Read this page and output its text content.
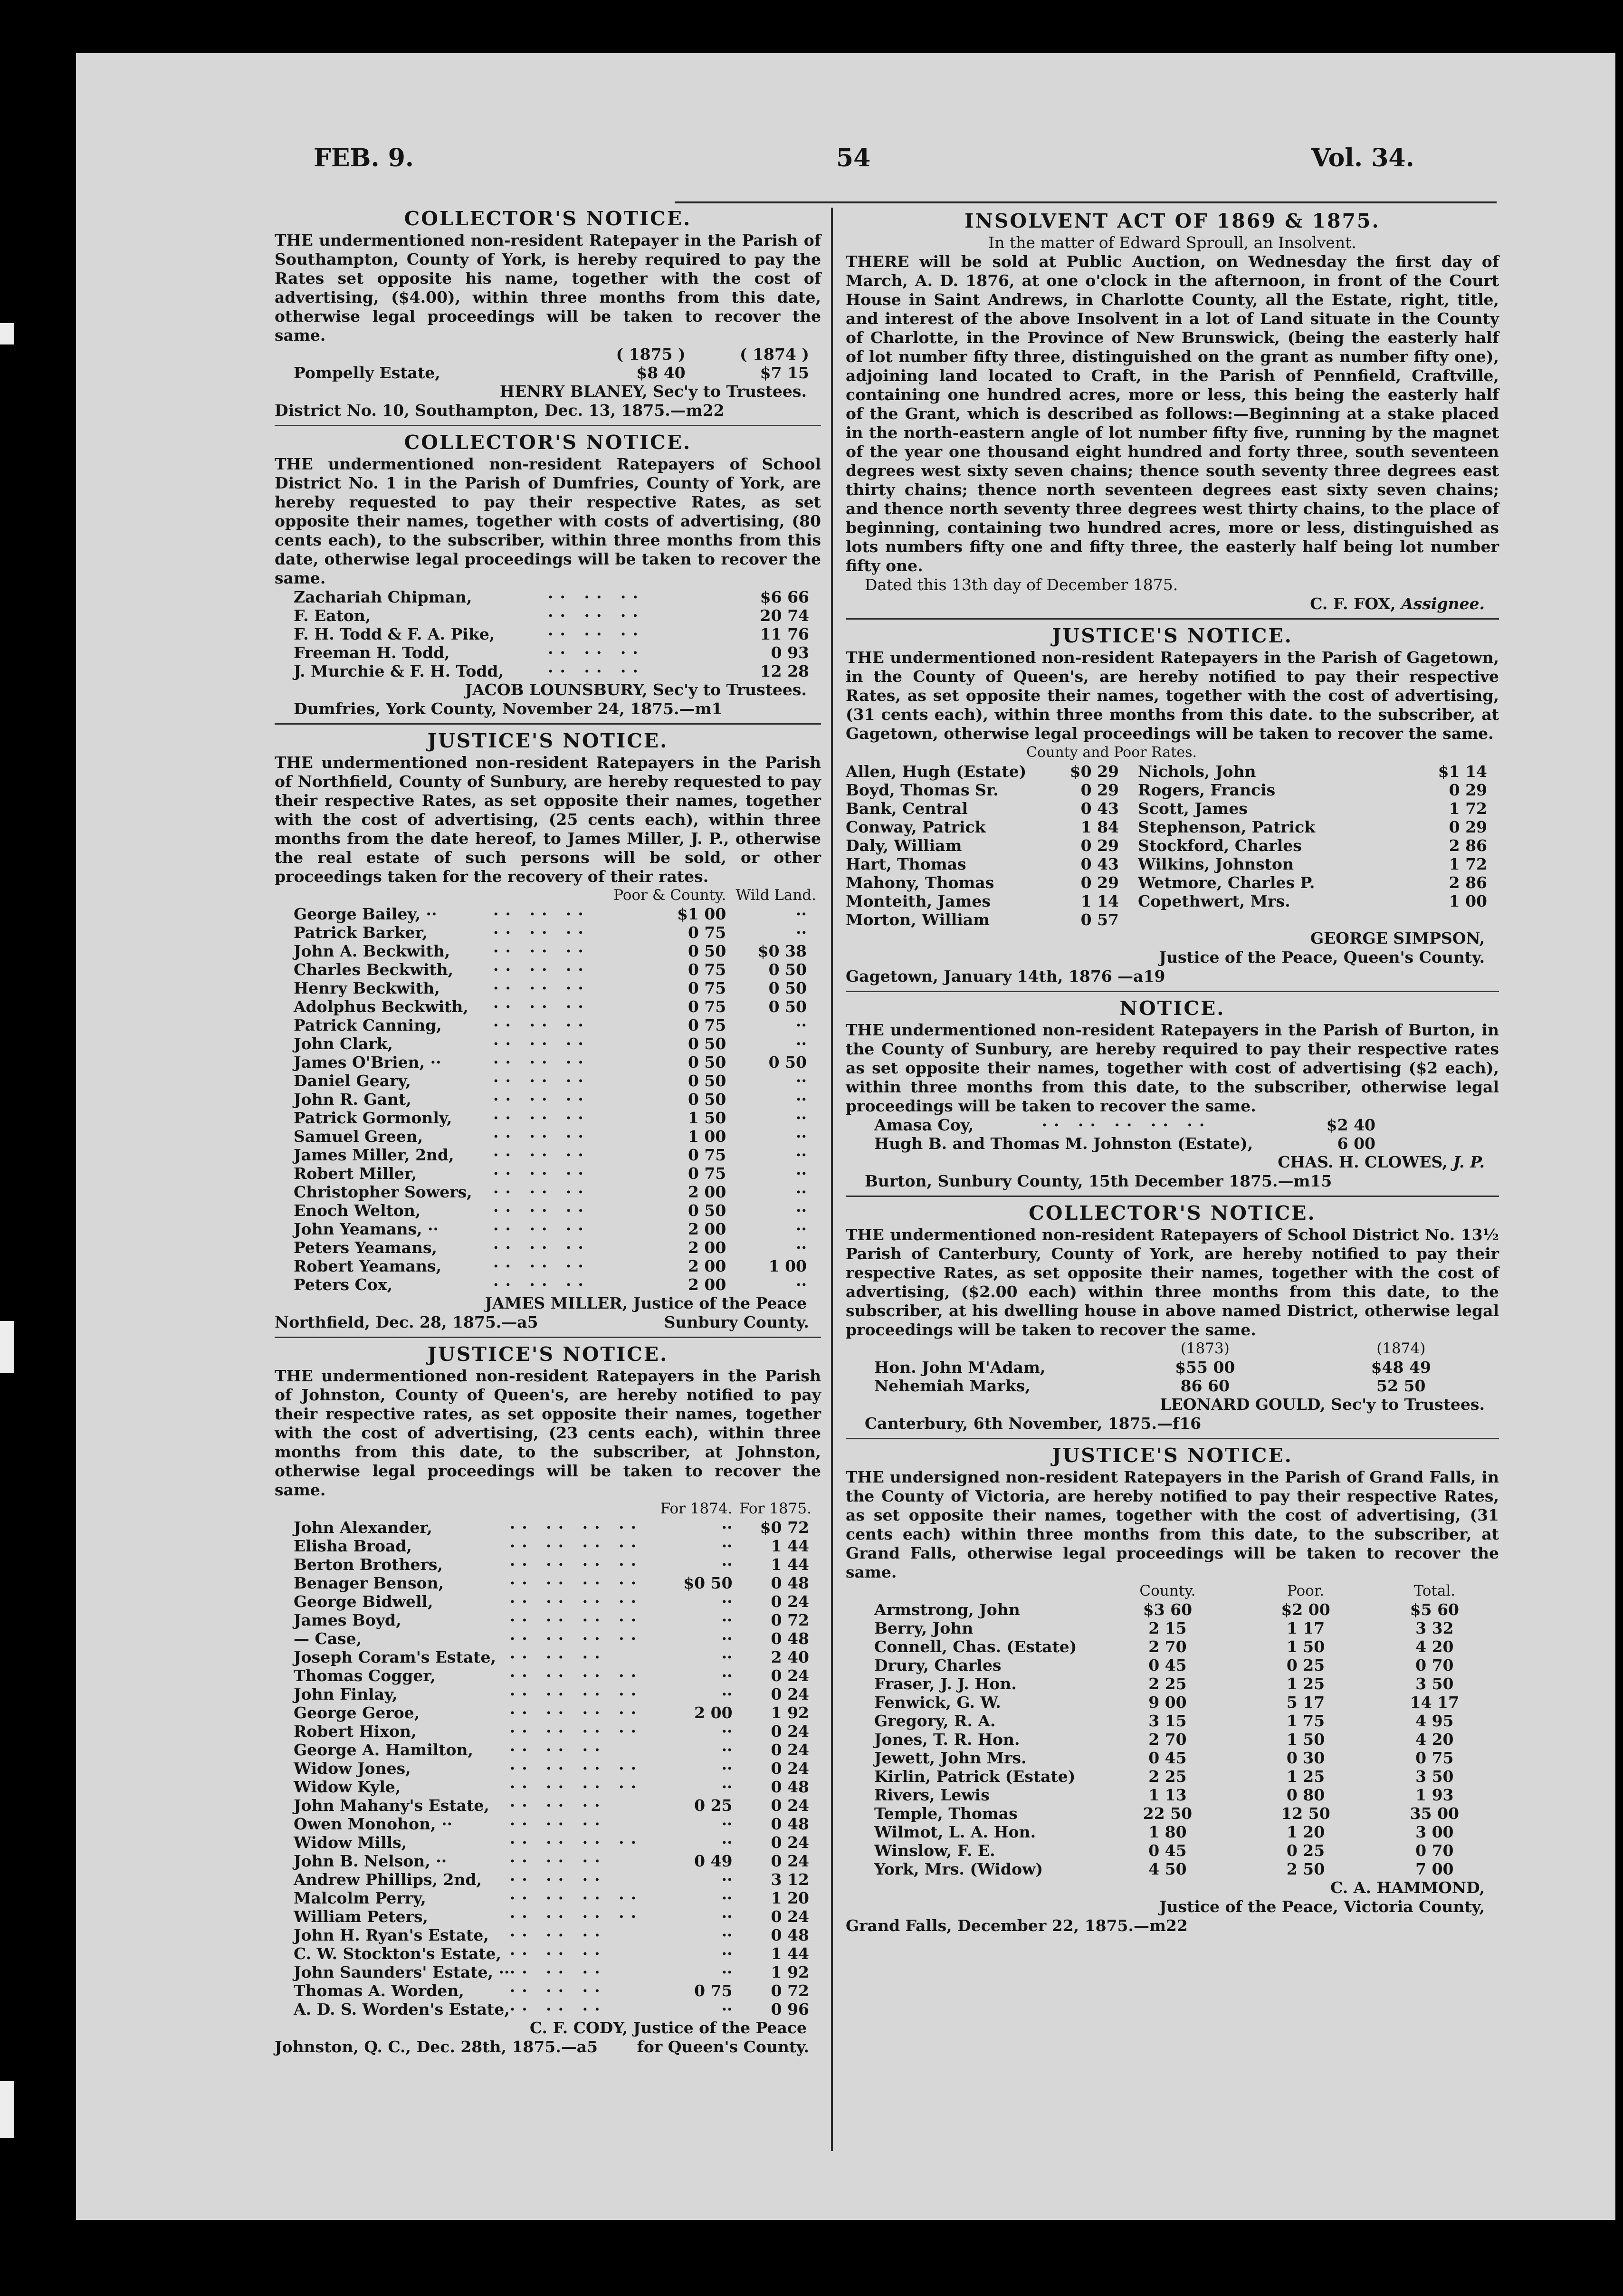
FEB. 9.	54	Vol. 34.
COLLECTOR'S NOTICE.
THE undermentioned non-resident Ratepayer in the Parish of Southampton, County of York, is hereby required to pay the Rates set opposite his name, together with the cost of advertising, ($4.00), within three months from this date, otherwise legal proceedings will be taken to recover the same.
	( 1875 )	( 1874 )
Pompelly Estate,	$8 40	$7 15
HENRY BLANEY, Sec'y to Trustees.
District No. 10, Southampton, Dec. 13, 1875.—m22
COLLECTOR'S NOTICE.
THE undermentioned non-resident Ratepayers of School District No. 1 in the Parish of Dumfries, County of York, are hereby requested to pay their respective Rates, as set opposite their names, together with costs of advertising, (80 cents each), to the subscriber, within three months from this date, otherwise legal proceedings will be taken to recover the same.
Zachariah Chipman,	·· ·· ··	$6 66
F. Eaton,	·· ·· ··	20 74
F. H. Todd & F. A. Pike,	·· ·· ··	11 76
Freeman H. Todd,	·· ·· ··	0 93
J. Murchie & F. H. Todd,	·· ·· ··	12 28
JACOB LOUNSBURY, Sec'y to Trustees.
Dumfries, York County, November 24, 1875.—m1
JUSTICE'S NOTICE.
THE undermentioned non-resident Ratepayers in the Parish of Northfield, County of Sunbury, are hereby requested to pay their respective Rates, as set opposite their names, together with the cost of advertising, (25 cents each), within three months from the date hereof, to James Miller, J. P., otherwise the real estate of such persons will be sold, or other proceedings taken for the recovery of their rates.
		Poor & County.	Wild Land.
George Bailey, ··	·· ·· ··	$1 00	··
Patrick Barker,	·· ·· ··	0 75	··
John A. Beckwith,	·· ·· ··	0 50	$0 38
Charles Beckwith,	·· ·· ··	0 75	0 50
Henry Beckwith,	·· ·· ··	0 75	0 50
Adolphus Beckwith,	·· ·· ··	0 75	0 50
Patrick Canning,	·· ·· ··	0 75	··
John Clark,	·· ·· ··	0 50	··
James O'Brien, ··	·· ·· ··	0 50	0 50
Daniel Geary,	·· ·· ··	0 50	··
John R. Gant,	·· ·· ··	0 50	··
Patrick Gormonly,	·· ·· ··	1 50	··
Samuel Green,	·· ·· ··	1 00	··
James Miller, 2nd,	·· ·· ··	0 75	··
Robert Miller,	·· ·· ··	0 75	··
Christopher Sowers,	·· ·· ··	2 00	··
Enoch Welton,	·· ·· ··	0 50	··
John Yeamans, ··	·· ·· ··	2 00	··
Peters Yeamans,	·· ·· ··	2 00	··
Robert Yeamans,	·· ·· ··	2 00	1 00
Peters Cox,	·· ·· ··	2 00	··
JAMES MILLER, Justice of the Peace
Northfield, Dec. 28, 1875.—a5	Sunbury County.
JUSTICE'S NOTICE.
THE undermentioned non-resident Ratepayers in the Parish of Johnston, County of Queen's, are hereby notified to pay their respective rates, as set opposite their names, together with the cost of advertising, (23 cents each), within three months from this date, to the subscriber, at Johnston, otherwise legal proceedings will be taken to recover the same.
		For 1874.	For 1875.
John Alexander,	·· ·· ·· ··	··	$0 72
Elisha Broad,	·· ·· ·· ··	··	1 44
Berton Brothers,	·· ·· ·· ··	··	1 44
Benager Benson,	·· ·· ·· ··	$0 50	0 48
George Bidwell,	·· ·· ·· ··	··	0 24
James Boyd,	·· ·· ·· ··	··	0 72
— Case,	·· ·· ·· ··	··	0 48
Joseph Coram's Estate,	·· ·· ··	··	2 40
Thomas Cogger,	·· ·· ·· ··	··	0 24
John Finlay,	·· ·· ·· ··	··	0 24
George Geroe,	·· ·· ·· ··	2 00	1 92
Robert Hixon,	·· ·· ·· ··	··	0 24
George A. Hamilton,	·· ·· ··	··	0 24
Widow Jones,	·· ·· ·· ··	··	0 24
Widow Kyle,	·· ·· ·· ··	··	0 48
John Mahany's Estate,	·· ·· ··	0 25	0 24
Owen Monohon, ··	·· ·· ··	··	0 48
Widow Mills,	·· ·· ·· ··	··	0 24
John B. Nelson, ··	·· ·· ··	0 49	0 24
Andrew Phillips, 2nd,	·· ·· ··	··	3 12
Malcolm Perry,	·· ·· ·· ··	··	1 20
William Peters,	·· ·· ·· ··	··	0 24
John H. Ryan's Estate,	·· ·· ··	··	0 48
C. W. Stockton's Estate,	·· ·· ··	··	1 44
John Saunders' Estate, ··	·· ·· ··	··	1 92
Thomas A. Worden,	·· ·· ··	0 75	0 72
A. D. S. Worden's Estate,	·· ·· ··	··	0 96
C. F. CODY, Justice of the Peace
Johnston, Q. C., Dec. 28th, 1875.—a5 for Queen's County.
INSOLVENT ACT OF 1869 & 1875.
In the matter of Edward Sproull, an Insolvent.
THERE will be sold at Public Auction, on Wednesday the first day of March, A. D. 1876, at one o'clock in the afternoon, in front of the Court House in Saint Andrews, in Charlotte County, all the Estate, right, title, and interest of the above Insolvent in a lot of Land situate in the County of Charlotte, in the Province of New Brunswick, (being the easterly half of lot number fifty three, distinguished on the grant as number fifty one), adjoining land located to Craft, in the Parish of Pennfield, Craftville, containing one hundred acres, more or less, this being the easterly half of the Grant, which is described as follows:—Beginning at a stake placed in the north-eastern angle of lot number fifty five, running by the magnet of the year one thousand eight hundred and forty three, south seventeen degrees west sixty seven chains; thence south seventy three degrees east thirty chains; thence north seventeen degrees east sixty seven chains; and thence north seventy three degrees west thirty chains, to the place of beginning, containing two hundred acres, more or less, distinguished as lots numbers fifty one and fifty three, the easterly half being lot number fifty one.
Dated this 13th day of December 1875.
C. F. FOX, Assignee.
JUSTICE'S NOTICE.
THE undermentioned non-resident Ratepayers in the Parish of Gagetown, in the County of Queen's, are hereby notified to pay their respective Rates, as set opposite their names, together with the cost of advertising, (31 cents each), within three months from this date. to the subscriber, at Gagetown, otherwise legal proceedings will be taken to recover the same.
County and Poor Rates.
Allen, Hugh (Estate)	$0 29	Nichols, John	$1 14
Boyd, Thomas Sr.	0 29	Rogers, Francis	0 29
Bank, Central	0 43	Scott, James	1 72
Conway, Patrick	1 84	Stephenson, Patrick	0 29
Daly, William	0 29	Stockford, Charles	2 86
Hart, Thomas	0 43	Wilkins, Johnston	1 72
Mahony, Thomas	0 29	Wetmore, Charles P.	2 86
Monteith, James	1 14	Copethwert, Mrs.	1 00
Morton, William	0 57		
GEORGE SIMPSON,
Justice of the Peace, Queen's County.
Gagetown, January 14th, 1876 —a19
NOTICE.
THE undermentioned non-resident Ratepayers in the Parish of Burton, in the County of Sunbury, are hereby required to pay their respective rates as set opposite their names, together with cost of advertising ($2 each), within three months from this date, to the subscriber, otherwise legal proceedings will be taken to recover the same.
Amasa Coy,	·· ·· ·· ·· ··	$2 40
Hugh B. and Thomas M. Johnston (Estate),		6 00
CHAS. H. CLOWES, J. P.
Burton, Sunbury County, 15th December 1875.—m15
COLLECTOR'S NOTICE.
THE undermentioned non-resident Ratepayers of School District No. 13½ Parish of Canterbury, County of York, are hereby notified to pay their respective Rates, as set opposite their names, together with the cost of advertising, ($2.00 each) within three months from this date, to the subscriber, at his dwelling house in above named District, otherwise legal proceedings will be taken to recover the same.
	(1873)	(1874)
Hon. John M'Adam,	$55 00	$48 49
Nehemiah Marks,	86 60	52 50
LEONARD GOULD, Sec'y to Trustees.
Canterbury, 6th November, 1875.—f16
JUSTICE'S NOTICE.
THE undersigned non-resident Ratepayers in the Parish of Grand Falls, in the County of Victoria, are hereby notified to pay their respective Rates, as set opposite their names, together with the cost of advertising, (31 cents each) within three months from this date, to the subscriber, at Grand Falls, otherwise legal proceedings will be taken to recover the same.
	County.	Poor.	Total.
Armstrong, John	$3 60	$2 00	$5 60
Berry, John	2 15	1 17	3 32
Connell, Chas. (Estate)	2 70	1 50	4 20
Drury, Charles	0 45	0 25	0 70
Fraser, J. J. Hon.	2 25	1 25	3 50
Fenwick, G. W.	9 00	5 17	14 17
Gregory, R. A.	3 15	1 75	4 95
Jones, T. R. Hon.	2 70	1 50	4 20
Jewett, John Mrs.	0 45	0 30	0 75
Kirlin, Patrick (Estate)	2 25	1 25	3 50
Rivers, Lewis	1 13	0 80	1 93
Temple, Thomas	22 50	12 50	35 00
Wilmot, L. A. Hon.	1 80	1 20	3 00
Winslow, F. E.	0 45	0 25	0 70
York, Mrs. (Widow)	4 50	2 50	7 00
C. A. HAMMOND,
Justice of the Peace, Victoria County,
Grand Falls, December 22, 1875.—m22
